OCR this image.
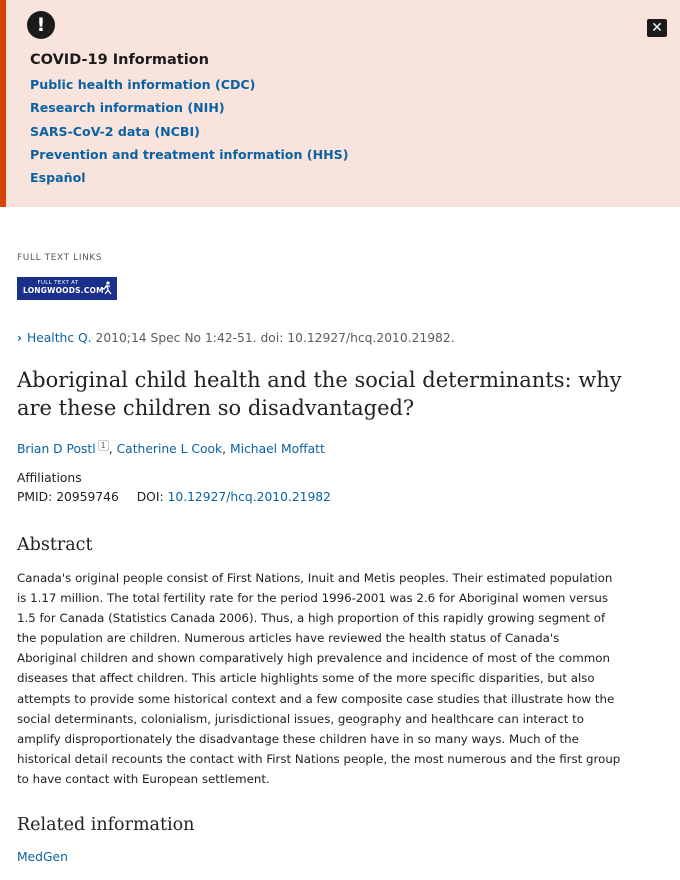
!	✕
COVID-19 Information
Public health information (CDC)
Research information (NIH)
SARS-CoV-2 data (NCBI)
Prevention and treatment information (HHS)
Español
FULL TEXT LINKS
FULL TEXT AT
LONGWOODS.COM
› Healthc Q. 2010;14 Spec No 1:42-51. doi: 10.12927/hcq.2010.21982.
Aboriginal child health and the social determinants: why are these children so disadvantaged?
Brian D Postl $^1$ , Catherine L Cook, Michael Moffatt
Affiliations
PMID: 20959746 DOI: 10.12927/hcq.2010.21982
Abstract

Canada's original people consist of First Nations, Inuit and Metis peoples. Their estimated population is 1.17 million. The total fertility rate for the period 1996-2001 was 2.6 for Aboriginal women versus 1.5 for Canada (Statistics Canada 2006). Thus, a high proportion of this rapidly growing segment of the population are children. Numerous articles have reviewed the health status of Canada's Aboriginal children and shown comparatively high prevalence and incidence of most of the common diseases that affect children. This article highlights some of the more specific disparities, but also attempts to provide some historical context and a few composite case studies that illustrate how the social determinants, colonialism, jurisdictional issues, geography and healthcare can interact to amplify disproportionately the disadvantage these children have in so many ways. Much of the historical detail recounts the contact with First Nations people, the most numerous and the first group to have contact with European settlement.

Related information
MedGen
